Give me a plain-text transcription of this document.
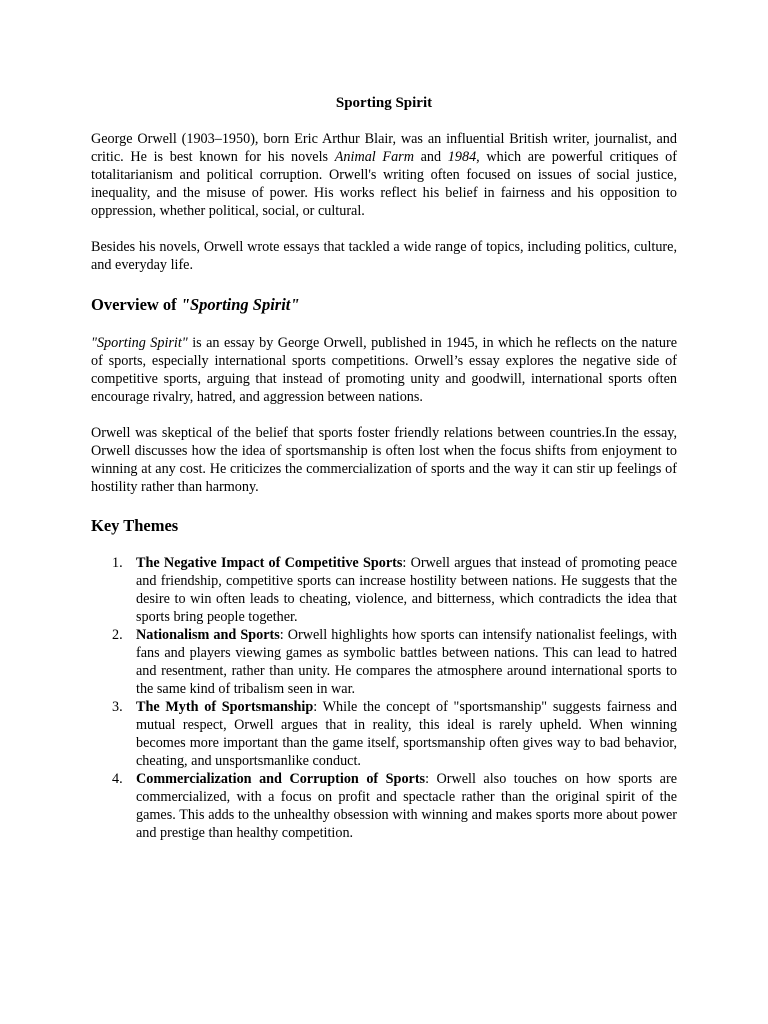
Sporting Spirit

George Orwell (1903–1950), born Eric Arthur Blair, was an influential British writer, journalist, and critic. He is best known for his novels Animal Farm and 1984, which are powerful critiques of totalitarianism and political corruption. Orwell's writing often focused on issues of social justice, inequality, and the misuse of power. His works reflect his belief in fairness and his opposition to oppression, whether political, social, or cultural.

Besides his novels, Orwell wrote essays that tackled a wide range of topics, including politics, culture, and everyday life.

Overview of "Sporting Spirit"

"Sporting Spirit" is an essay by George Orwell, published in 1945, in which he reflects on the nature of sports, especially international sports competitions. Orwell’s essay explores the negative side of competitive sports, arguing that instead of promoting unity and goodwill, international sports often encourage rivalry, hatred, and aggression between nations.

Orwell was skeptical of the belief that sports foster friendly relations between countries.In the essay, Orwell discusses how the idea of sportsmanship is often lost when the focus shifts from enjoyment to winning at any cost. He criticizes the commercialization of sports and the way it can stir up feelings of hostility rather than harmony.

Key Themes
1. The Negative Impact of Competitive Sports: Orwell argues that instead of promoting peace and friendship, competitive sports can increase hostility between nations. He suggests that the desire to win often leads to cheating, violence, and bitterness, which contradicts the idea that sports bring people together.
2. Nationalism and Sports: Orwell highlights how sports can intensify nationalist feelings, with fans and players viewing games as symbolic battles between nations. This can lead to hatred and resentment, rather than unity. He compares the atmosphere around international sports to the same kind of tribalism seen in war.
3. The Myth of Sportsmanship: While the concept of "sportsmanship" suggests fairness and mutual respect, Orwell argues that in reality, this ideal is rarely upheld. When winning becomes more important than the game itself, sportsmanship often gives way to bad behavior, cheating, and unsportsmanlike conduct.
4. Commercialization and Corruption of Sports: Orwell also touches on how sports are commercialized, with a focus on profit and spectacle rather than the original spirit of the games. This adds to the unhealthy obsession with winning and makes sports more about power and prestige than healthy competition.
